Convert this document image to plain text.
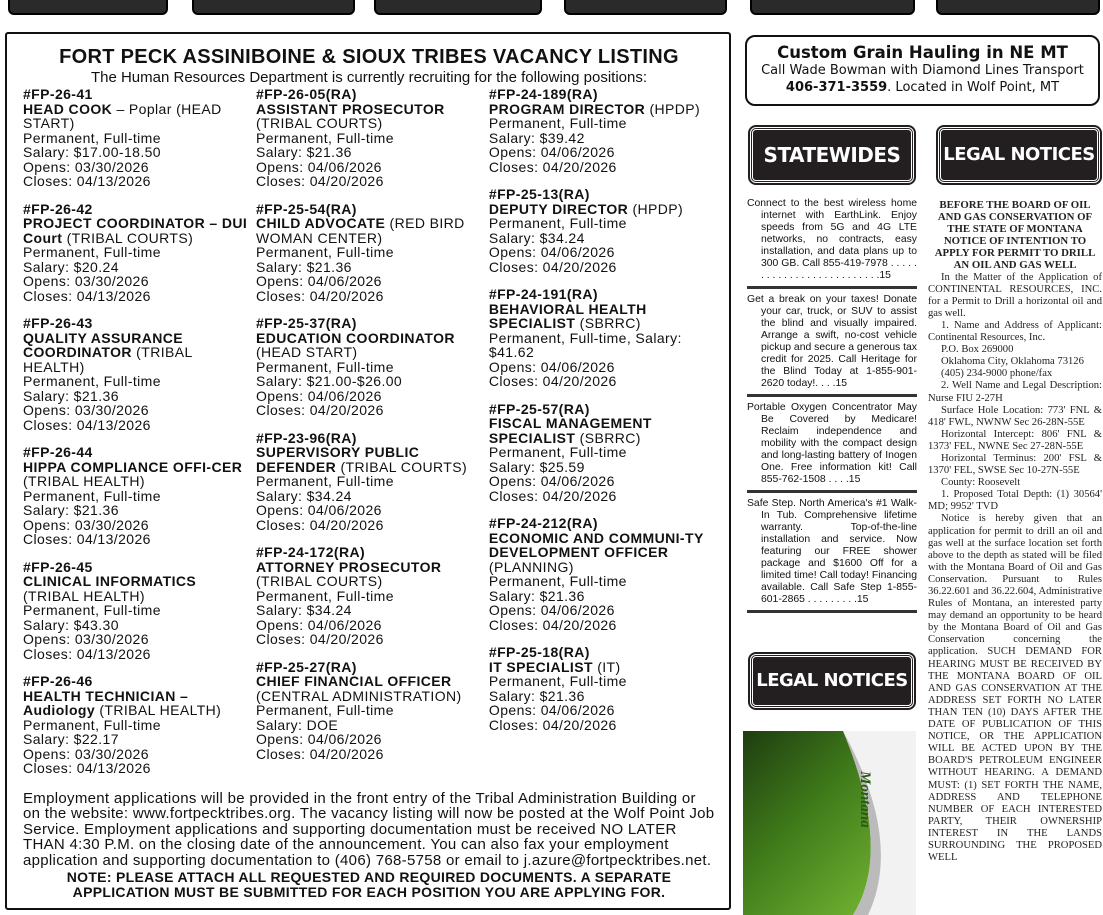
FORT PECK ASSINIBOINE & SIOUX TRIBES VACANCY LISTING
The Human Resources Department is currently recruiting for the following positions:
#FP-26-41
HEAD COOK – Poplar (HEAD START)
Permanent, Full-time
Salary: $17.00-18.50
Opens: 03/30/2026
Closes: 04/13/2026
#FP-26-42
PROJECT COORDINATOR – DUI Court (TRIBAL COURTS)
Permanent, Full-time
Salary: $20.24
Opens: 03/30/2026
Closes: 04/13/2026
#FP-26-43
QUALITY ASSURANCE COORDINATOR (TRIBAL HEALTH)
Permanent, Full-time
Salary: $21.36
Opens: 03/30/2026
Closes: 04/13/2026
#FP-26-44
HIPPA COMPLIANCE OFFI-CER (TRIBAL HEALTH)
Permanent, Full-time
Salary: $21.36
Opens: 03/30/2026
Closes: 04/13/2026
#FP-26-45
CLINICAL INFORMATICS (TRIBAL HEALTH)
Permanent, Full-time
Salary: $43.30
Opens: 03/30/2026
Closes: 04/13/2026
#FP-26-46
HEALTH TECHNICIAN – Audiology (TRIBAL HEALTH)
Permanent, Full-time
Salary: $22.17
Opens: 03/30/2026
Closes: 04/13/2026
#FP-26-05(RA)
ASSISTANT PROSECUTOR (TRIBAL COURTS)
Permanent, Full-time
Salary: $21.36
Opens: 04/06/2026
Closes: 04/20/2026
#FP-25-54(RA)
CHILD ADVOCATE (RED BIRD WOMAN CENTER)
Permanent, Full-time
Salary: $21.36
Opens: 04/06/2026
Closes: 04/20/2026
#FP-25-37(RA)
EDUCATION COORDINATOR (HEAD START)
Permanent, Full-time
Salary: $21.00-$26.00
Opens: 04/06/2026
Closes: 04/20/2026
#FP-23-96(RA)
SUPERVISORY PUBLIC DEFENDER (TRIBAL COURTS)
Permanent, Full-time
Salary: $34.24
Opens: 04/06/2026
Closes: 04/20/2026
#FP-24-172(RA)
ATTORNEY PROSECUTOR (TRIBAL COURTS)
Permanent, Full-time
Salary: $34.24
Opens: 04/06/2026
Closes: 04/20/2026
#FP-25-27(RA)
CHIEF FINANCIAL OFFICER (CENTRAL ADMINISTRATION)
Permanent, Full-time
Salary: DOE
Opens: 04/06/2026
Closes: 04/20/2026
#FP-24-189(RA)
PROGRAM DIRECTOR (HPDP)
Permanent, Full-time
Salary: $39.42
Opens: 04/06/2026
Closes: 04/20/2026
#FP-25-13(RA)
DEPUTY DIRECTOR (HPDP)
Permanent, Full-time
Salary: $34.24
Opens: 04/06/2026
Closes: 04/20/2026
#FP-24-191(RA)
BEHAVIORAL HEALTH SPECIALIST (SBRRC)
Permanent, Full-time, Salary: $41.62
Opens: 04/06/2026
Closes: 04/20/2026
#FP-25-57(RA)
FISCAL MANAGEMENT SPECIALIST (SBRRC)
Permanent, Full-time
Salary: $25.59
Opens: 04/06/2026
Closes: 04/20/2026
#FP-24-212(RA)
ECONOMIC AND COMMUNI-TY DEVELOPMENT OFFICER (PLANNING)
Permanent, Full-time
Salary: $21.36
Opens: 04/06/2026
Closes: 04/20/2026
#FP-25-18(RA)
IT SPECIALIST (IT)
Permanent, Full-time
Salary: $21.36
Opens: 04/06/2026
Closes: 04/20/2026
Employment applications will be provided in the front entry of the Tribal Administration Building or on the website: www.fortpecktribes.org. The vacancy listing will now be posted at the Wolf Point Job Service. Employment applications and supporting documentation must be received NO LATER THAN 4:30 P.M. on the closing date of the announcement. You can also fax your employment application and supporting documentation to (406) 768-5758 or email to j.azure@fortpecktribes.net.
NOTE: PLEASE ATTACH ALL REQUESTED AND REQUIRED DOCUMENTS. A SEPARATE APPLICATION MUST BE SUBMITTED FOR EACH POSITION YOU ARE APPLYING FOR.
Custom Grain Hauling in NE MT
Call Wade Bowman with Diamond Lines Transport
406-371-3559. Located in Wolf Point, MT
STATEWIDES	LEGAL NOTICES
LEGAL NOTICES
Connect to the best wireless home internet with EarthLink. Enjoy speeds from 5G and 4G LTE networks, no contracts, easy installation, and data plans up to 300 GB. Call 855-419-7978 . . . . . . . . . . . . . . . . . . . . . . . . . .15
Get a break on your taxes! Donate your car, truck, or SUV to assist the blind and visually impaired. Arrange a swift, no-cost vehicle pickup and secure a generous tax credit for 2025. Call Heritage for the Blind Today at 1-855-901-2620 today!. . . .15
Portable Oxygen Concentrator May Be Covered by Medicare! Reclaim independence and mobility with the compact design and long-lasting battery of Inogen One. Free information kit! Call 855-762-1508 . . . .15
Safe Step. North America's #1 Walk-In Tub. Comprehensive lifetime warranty. Top-of-the-line installation and service. Now featuring our FREE shower package and $1600 Off for a limited time! Call today! Financing available. Call Safe Step 1-855-601-2865 . . . . . . . . .15
BEFORE THE BOARD OF OIL AND GAS CONSERVATION OF THE STATE OF MONTANA NOTICE OF INTENTION TO APPLY FOR PERMIT TO DRILL AN OIL AND GAS WELL

In the Matter of the Application of CONTINENTAL RESOURCES, INC. for a Permit to Drill a horizontal oil and gas well.

1. Name and Address of Applicant: Continental Resources, Inc.

P.O. Box 269000

Oklahoma City, Oklahoma 73126

(405) 234-9000 phone/fax

2. Well Name and Legal Description: Nurse FIU 2-27H

Surface Hole Location: 773' FNL & 418' FWL, NWNW Sec 26-28N-55E

Horizontal Intercept: 806' FNL & 1373' FEL, NWNE Sec 27-28N-55E

Horizontal Terminus: 200' FSL & 1370' FEL, SWSE Sec 10-27N-55E

County: Roosevelt

1. Proposed Total Depth: (1) 30564' MD; 9952' TVD

Notice is hereby given that an application for permit to drill an oil and gas well at the surface location set forth above to the depth as stated will be filed with the Montana Board of Oil and Gas Conservation. Pursuant to Rules 36.22.601 and 36.22.604, Administrative Rules of Montana, an interested party may demand an opportunity to be heard by the Montana Board of Oil and Gas Conservation concerning the application. SUCH DEMAND FOR HEARING MUST BE RECEIVED BY THE MONTANA BOARD OF OIL AND GAS CONSERVATION AT THE ADDRESS SET FORTH NO LATER THAN TEN (10) DAYS AFTER THE DATE OF PUBLICATION OF THIS NOTICE, OR THE APPLICATION WILL BE ACTED UPON BY THE BOARD'S PETROLEUM ENGINEER WITHOUT HEARING. A DEMAND MUST: (1) SET FORTH THE NAME, ADDRESS AND TELEPHONE NUMBER OF EACH INTERESTED PARTY, THEIR OWNERSHIP INTEREST IN THE LANDS SURROUNDING THE PROPOSED WELL

Montana
